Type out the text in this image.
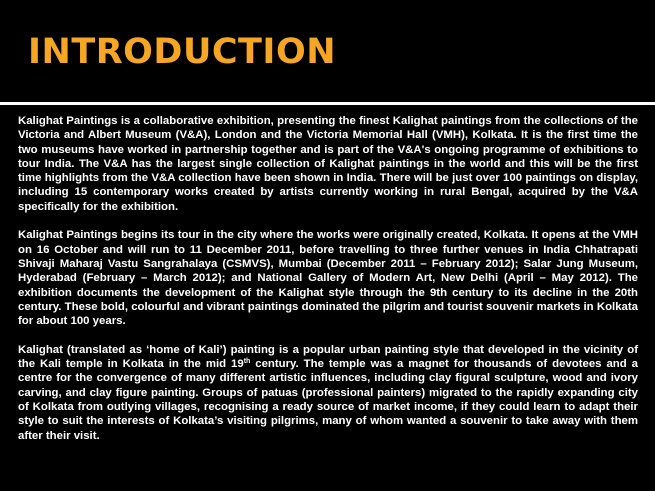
INTRODUCTION

Kalighat Paintings is a collaborative exhibition, presenting the finest Kalighat paintings from the collections of the Victoria and Albert Museum (V&A), London and the Victoria Memorial Hall (VMH), Kolkata. It is the first time the two museums have worked in partnership together and is part of the V&A's ongoing programme of exhibitions to tour India. The V&A has the largest single collection of Kalighat paintings in the world and this will be the first time highlights from the V&A collection have been shown in India. There will be just over 100 paintings on display, including 15 contemporary works created by artists currently working in rural Bengal, acquired by the V&A specifically for the exhibition.

Kalighat Paintings begins its tour in the city where the works were originally created, Kolkata. It opens at the VMH on 16 October and will run to 11 December 2011, before travelling to three further venues in India Chhatrapati Shivaji Maharaj Vastu Sangrahalaya (CSMVS), Mumbai (December 2011 – February 2012); Salar Jung Museum, Hyderabad (February – March 2012); and National Gallery of Modern Art, New Delhi (April – May 2012). The exhibition documents the development of the Kalighat style through the 9th century to its decline in the 20th century. These bold, colourful and vibrant paintings dominated the pilgrim and tourist souvenir markets in Kolkata for about 100 years.

Kalighat (translated as ‘home of Kali’) painting is a popular urban painting style that developed in the vicinity of the Kali temple in Kolkata in the mid 19th century. The temple was a magnet for thousands of devotees and a centre for the convergence of many different artistic influences, including clay figural sculpture, wood and ivory carving, and clay figure painting. Groups of patuas (professional painters) migrated to the rapidly expanding city of Kolkata from outlying villages, recognising a ready source of market income, if they could learn to adapt their style to suit the interests of Kolkata’s visiting pilgrims, many of whom wanted a souvenir to take away with them after their visit.
